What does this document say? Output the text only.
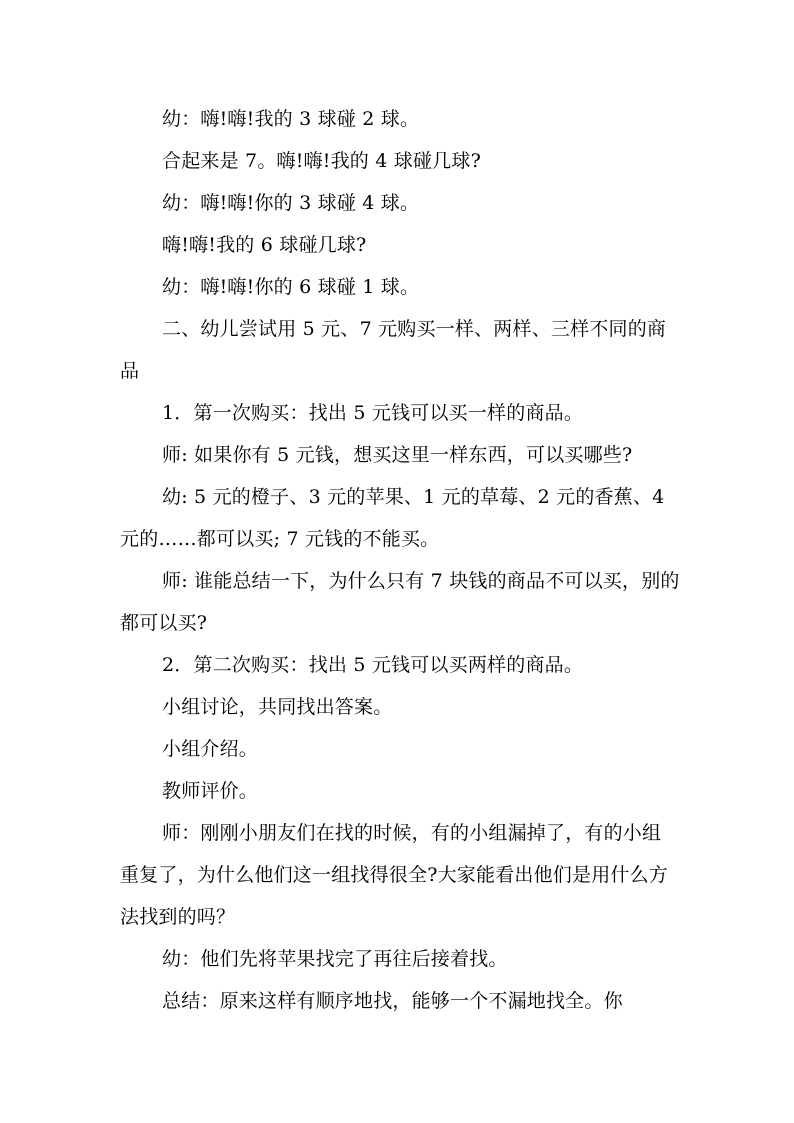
幼：嗨!嗨!我的 3 球碰 2 球。

合起来是 7。嗨!嗨!我的 4 球碰几球?

幼：嗨!嗨!你的 3 球碰 4 球。

嗨!嗨!我的 6 球碰几球?

幼：嗨!嗨!你的 6 球碰 1 球。

二、幼儿尝试用 5 元、7 元购买一样、两样、三样不同的商品

1．第一次购买：找出 5 元钱可以买一样的商品。

师: 如果你有 5 元钱，想买这里一样东西，可以买哪些?

幼: 5 元的橙子、3 元的苹果、1 元的草莓、2 元的香蕉、4 元的……都可以买; 7 元钱的不能买。

师: 谁能总结一下，为什么只有 7 块钱的商品不可以买，别的都可以买?

2．第二次购买：找出 5 元钱可以买两样的商品。

小组讨论，共同找出答案。

小组介绍。

教师评价。

师：刚刚小朋友们在找的时候，有的小组漏掉了，有的小组重复了，为什么他们这一组找得很全?大家能看出他们是用什么方法找到的吗？

幼：他们先将苹果找完了再往后接着找。

总结：原来这样有顺序地找，能够一个不漏地找全。你
